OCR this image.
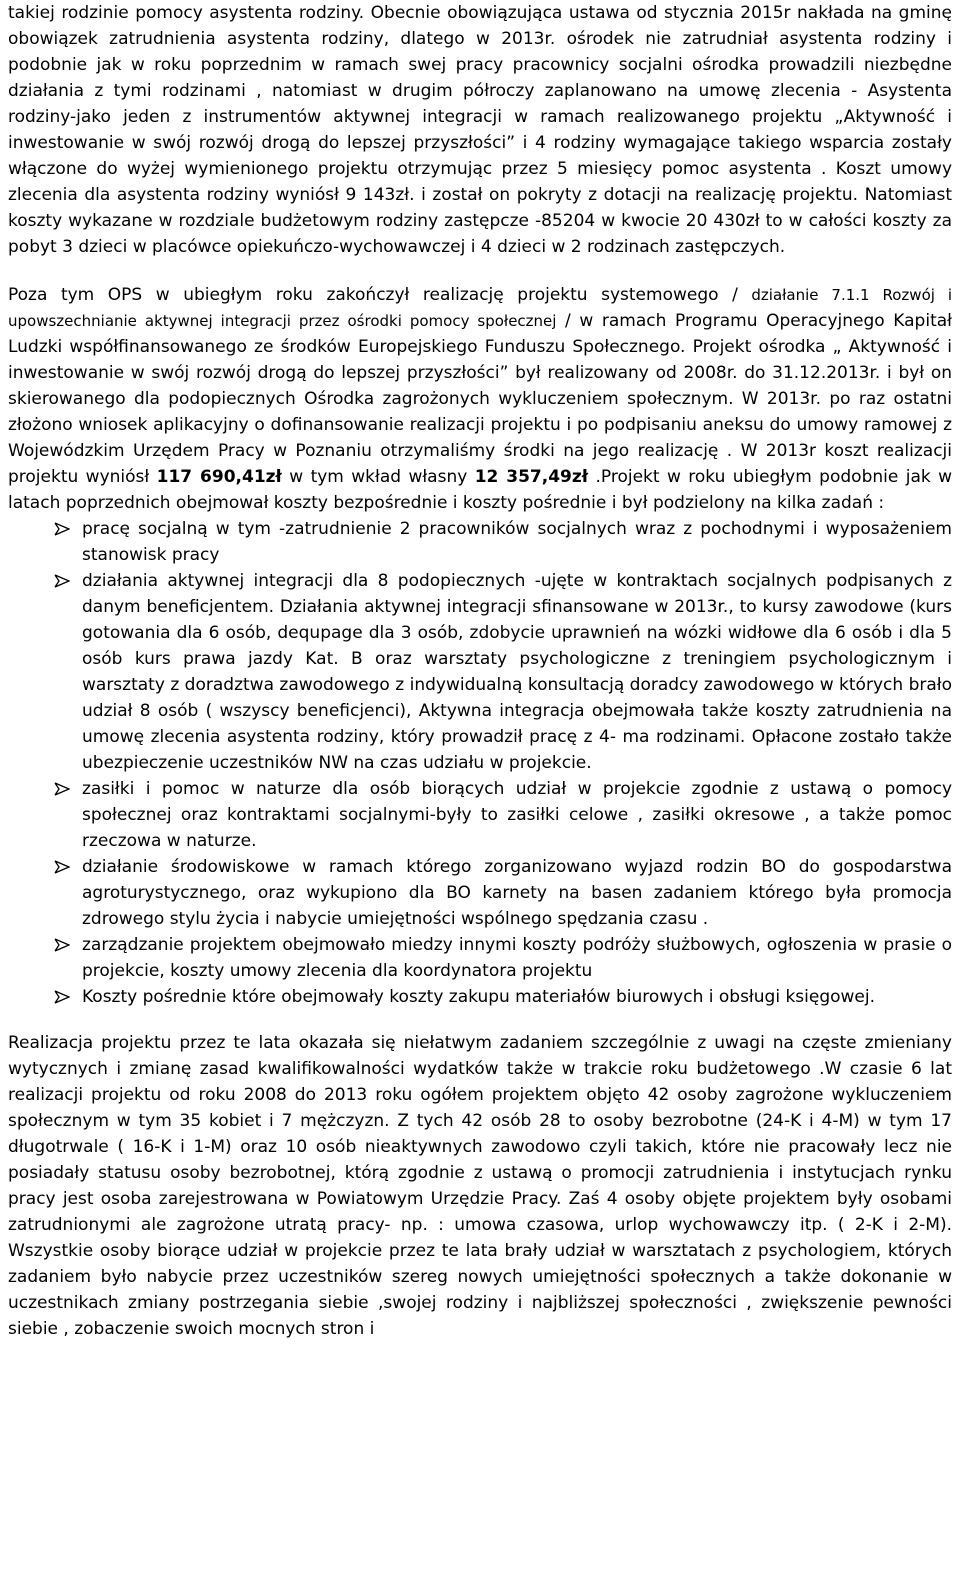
takiej rodzinie pomocy asystenta rodziny. Obecnie obowiązująca ustawa od stycznia 2015r nakłada na gminę obowiązek zatrudnienia asystenta rodziny, dlatego w 2013r. ośrodek nie zatrudniał asystenta rodziny i podobnie jak w roku poprzednim w ramach swej pracy pracownicy socjalni ośrodka prowadzili niezbędne działania z tymi rodzinami , natomiast w drugim półroczy zaplanowano na umowę zlecenia - Asystenta rodziny-jako jeden z instrumentów aktywnej integracji w ramach realizowanego projektu „Aktywność i inwestowanie w swój rozwój drogą do lepszej przyszłości” i 4 rodziny wymagające takiego wsparcia zostały włączone do wyżej wymienionego projektu otrzymując przez 5 miesięcy pomoc asystenta . Koszt umowy zlecenia dla asystenta rodziny wyniósł 9 143zł. i został on pokryty z dotacji na realizację projektu. Natomiast koszty wykazane w rozdziale budżetowym rodziny zastępcze -85204 w kwocie 20 430zł to w całości koszty za pobyt 3 dzieci w placówce opiekuńczo-wychowawczej i 4 dzieci w 2 rodzinach zastępczych.

Poza tym OPS w ubiegłym roku zakończył realizację projektu systemowego / działanie 7.1.1 Rozwój i upowszechnianie aktywnej integracji przez ośrodki pomocy społecznej / w ramach Programu Operacyjnego Kapitał Ludzki współfinansowanego ze środków Europejskiego Funduszu Społecznego. Projekt ośrodka „ Aktywność i inwestowanie w swój rozwój drogą do lepszej przyszłości” był realizowany od 2008r. do 31.12.2013r. i był on skierowanego dla podopiecznych Ośrodka zagrożonych wykluczeniem społecznym. W 2013r. po raz ostatni złożono wniosek aplikacyjny o dofinansowanie realizacji projektu i po podpisaniu aneksu do umowy ramowej z Wojewódzkim Urzędem Pracy w Poznaniu otrzymaliśmy środki na jego realizację . W 2013r koszt realizacji projektu wyniósł 117 690,41zł w tym wkład własny 12 357,49zł .Projekt w roku ubiegłym podobnie jak w latach poprzednich obejmował koszty bezpośrednie i koszty pośrednie i był podzielony na kilka zadań :

pracę socjalną w tym -zatrudnienie 2 pracowników socjalnych wraz z pochodnymi i wyposażeniem stanowisk pracy
działania aktywnej integracji dla 8 podopiecznych -ujęte w kontraktach socjalnych podpisanych z danym beneficjentem. Działania aktywnej integracji sfinansowane w 2013r., to kursy zawodowe (kurs gotowania dla 6 osób, dequpage dla 3 osób, zdobycie uprawnień na wózki widłowe dla 6 osób i dla 5 osób kurs prawa jazdy Kat. B oraz warsztaty psychologiczne z treningiem psychologicznym i warsztaty z doradztwa zawodowego z indywidualną konsultacją doradcy zawodowego w których brało udział 8 osób ( wszyscy beneficjenci), Aktywna integracja obejmowała także koszty zatrudnienia na umowę zlecenia asystenta rodziny, który prowadził pracę z 4- ma rodzinami. Opłacone zostało także ubezpieczenie uczestników NW na czas udziału w projekcie.
zasiłki i pomoc w naturze dla osób biorących udział w projekcie zgodnie z ustawą o pomocy społecznej oraz kontraktami socjalnymi-były to zasiłki celowe , zasiłki okresowe , a także pomoc rzeczowa w naturze.
działanie środowiskowe w ramach którego zorganizowano wyjazd rodzin BO do gospodarstwa agroturystycznego, oraz wykupiono dla BO karnety na basen zadaniem którego była promocja zdrowego stylu życia i nabycie umiejętności wspólnego spędzania czasu .
zarządzanie projektem obejmowało miedzy innymi koszty podróży służbowych, ogłoszenia w prasie o projekcie, koszty umowy zlecenia dla koordynatora projektu
Koszty pośrednie które obejmowały koszty zakupu materiałów biurowych i obsługi księgowej.

Realizacja projektu przez te lata okazała się niełatwym zadaniem szczególnie z uwagi na częste zmieniany wytycznych i zmianę zasad kwalifikowalności wydatków także w trakcie roku budżetowego .W czasie 6 lat realizacji projektu od roku 2008 do 2013 roku ogółem projektem objęto 42 osoby zagrożone wykluczeniem społecznym w tym 35 kobiet i 7 mężczyzn. Z tych 42 osób 28 to osoby bezrobotne (24-K i 4-M) w tym 17 długotrwale ( 16-K i 1-M) oraz 10 osób nieaktywnych zawodowo czyli takich, które nie pracowały lecz nie posiadały statusu osoby bezrobotnej, którą zgodnie z ustawą o promocji zatrudnienia i instytucjach rynku pracy jest osoba zarejestrowana w Powiatowym Urzędzie Pracy. Zaś 4 osoby objęte projektem były osobami zatrudnionymi ale zagrożone utratą pracy- np. : umowa czasowa, urlop wychowawczy itp. ( 2-K i 2-M). Wszystkie osoby biorące udział w projekcie przez te lata brały udział w warsztatach z psychologiem, których zadaniem było nabycie przez uczestników szereg nowych umiejętności społecznych a także dokonanie w uczestnikach zmiany postrzegania siebie ,swojej rodziny i najbliższej społeczności , zwiększenie pewności siebie , zobaczenie swoich mocnych stron i
